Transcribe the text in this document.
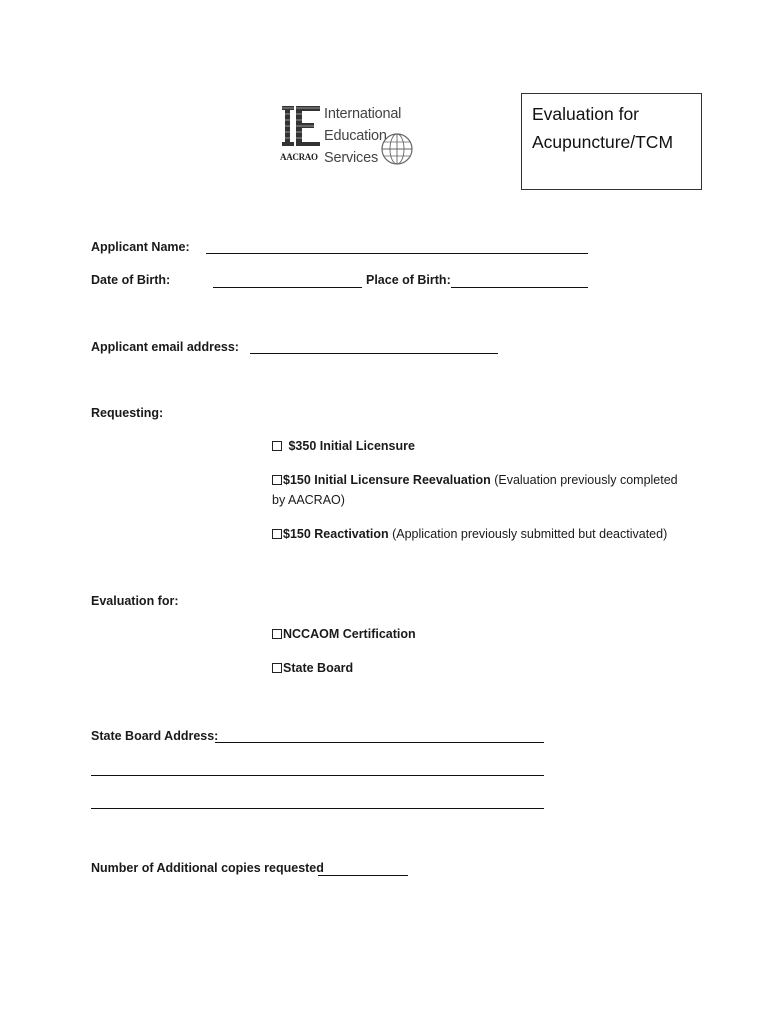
International
Education
Services
AACRAO
Evaluation for
Acupuncture/TCM
Applicant Name:
Date of Birth:	Place of Birth:
Applicant email address:
Requesting:
$350 Initial Licensure
$150 Initial Licensure Reevaluation (Evaluation previously completed
by AACRAO)
$150 Reactivation (Application previously submitted but deactivated)
Evaluation for:
NCCAOM Certification
State Board
State Board Address:
Number of Additional copies requested
